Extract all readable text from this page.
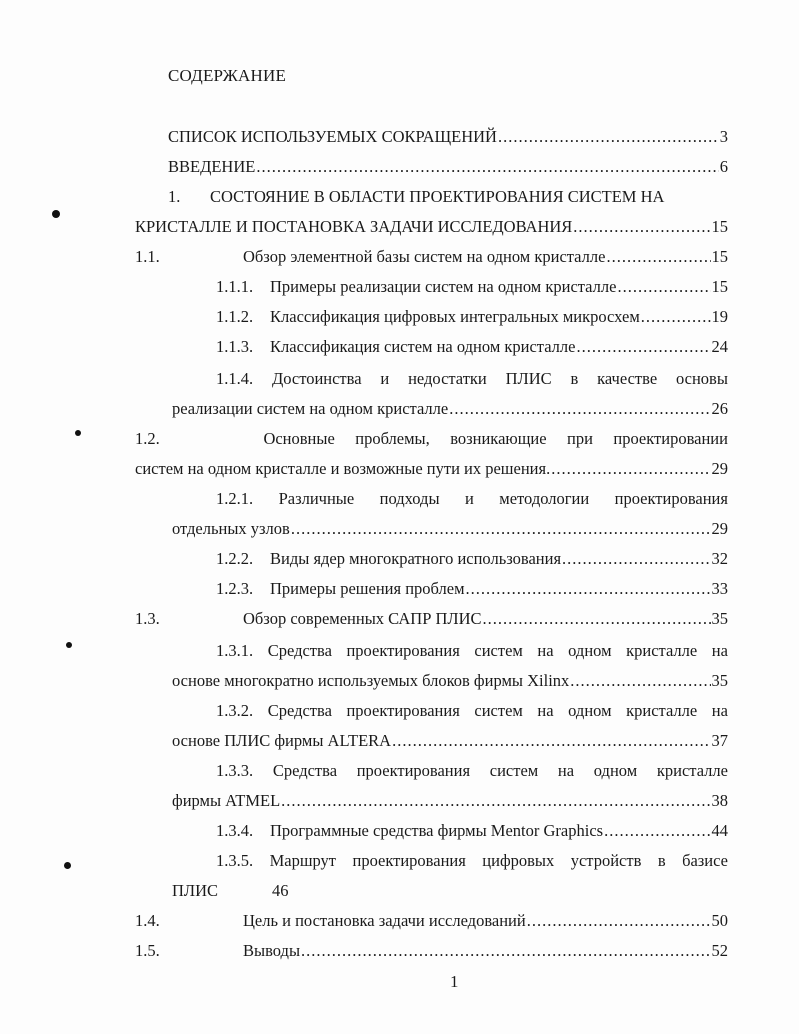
СОДЕРЖАНИЕ
СПИСОК ИСПОЛЬЗУЕМЫХ СОКРАЩЕНИЙ .....	3
ВВЕДЕНИЕ .....	6
1. СОСТОЯНИЕ В ОБЛАСТИ ПРОЕКТИРОВАНИЯ СИСТЕМ НА
КРИСТАЛЛЕ И ПОСТАНОВКА ЗАДАЧИ ИССЛЕДОВАНИЯ .....	15
1.1.	Обзор элементной базы систем на одном кристалле .....	15
1.1.1.	Примеры реализации систем на одном кристалле .....	15
1.1.2.	Классификация цифровых интегральных микросхем .....	19
1.1.3.	Классификация систем на одном кристалле .....	24
1.1.4. Достоинства и недостатки ПЛИС в качестве основы
реализации систем на одном кристалле .....	26
1.2.	Основные проблемы, возникающие при проектировании
систем на одном кристалле и возможные пути их решения. .....	29
1.2.1. Различные подходы и методологии проектирования
отдельных узлов .....	29
1.2.2.	Виды ядер многократного использования .....	32
1.2.3.	Примеры решения проблем .....	33
1.3.	Обзор современных САПР ПЛИС .....	35
1.3.1. Средства проектирования систем на одном кристалле на
основе многократно используемых блоков фирмы Xilinx .....	35
1.3.2. Средства проектирования систем на одном кристалле на
основе ПЛИС фирмы ALTERA .....	37
1.3.3. Средства проектирования систем на одном кристалле
фирмы ATMEL .....	38
1.3.4.	Программные средства фирмы Mentor Graphics .....	44
1.3.5. Маршрут проектирования цифровых устройств в базисе
ПЛИС	46
1.4.	Цель и постановка задачи исследований .....	50
1.5.	Выводы .....	52
1
